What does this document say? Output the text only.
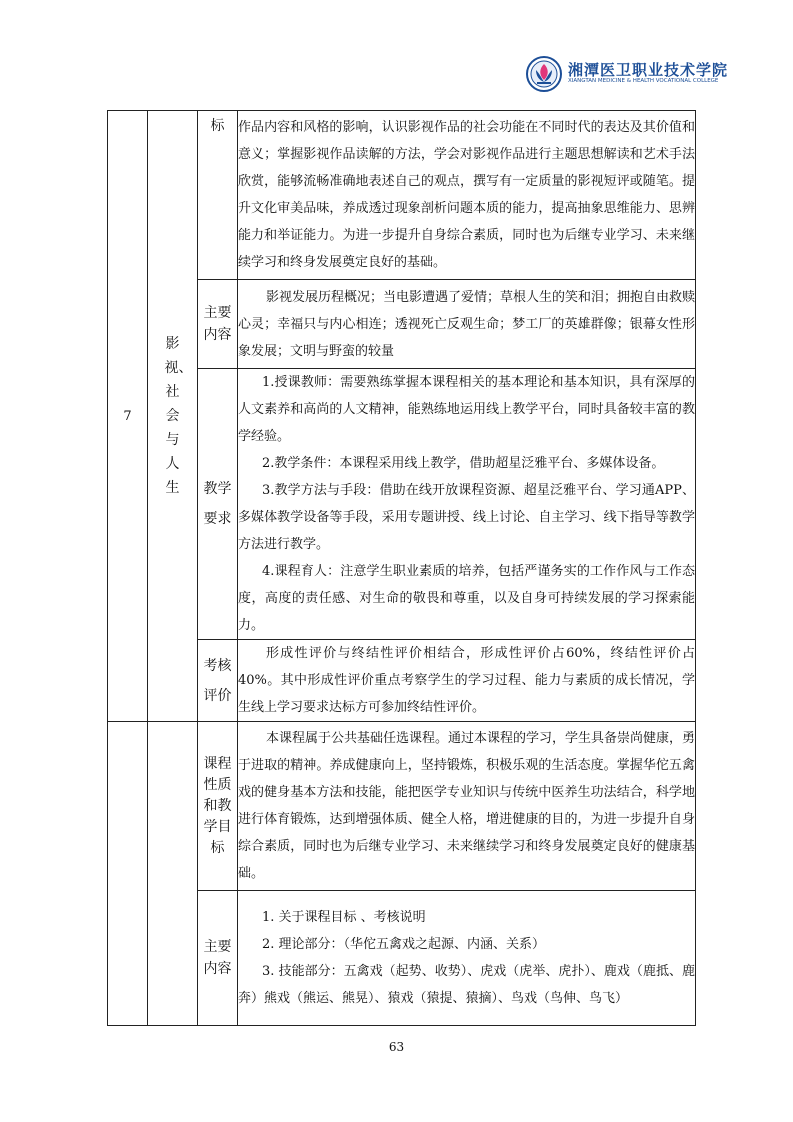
湘潭医卫职业技术学院
XIANGTAN MEDICINE & HEALTH VOCATIONAL COLLEGE
7	影视、社会与人生	标	作品内容和风格的影响，认识影视作品的社会功能在不同时代的表达及其价值和意义；掌握影视作品读解的方法，学会对影视作品进行主题思想解读和艺术手法欣赏，能够流畅准确地表述自己的观点，撰写有一定质量的影视短评或随笔。提升文化审美品味，养成透过现象剖析问题本质的能力，提高抽象思维能力、思辨能力和举证能力。为进一步提升自身综合素质，同时也为后继专业学习、未来继续学习和终身发展奠定良好的基础。

		主要内容	影视发展历程概况；当电影遭遇了爱情；草根人生的笑和泪；拥抱自由救赎心灵；幸福只与内心相连；透视死亡反观生命；梦工厂的英雄群像；银幕女性形象发展；文明与野蛮的较量

		教学要求	1.授课教师：需要熟练掌握本课程相关的基本理论和基本知识，具有深厚的人文素养和高尚的人文精神，能熟练地运用线上教学平台，同时具备较丰富的教学经验。

2.教学条件：本课程采用线上教学，借助超星泛雅平台、多媒体设备。

3.教学方法与手段：借助在线开放课程资源、超星泛雅平台、学习通APP、多媒体教学设备等手段，采用专题讲授、线上讨论、自主学习、线下指导等教学方法进行教学。

4.课程育人：注意学生职业素质的培养，包括严谨务实的工作作风与工作态度，高度的责任感、对生命的敬畏和尊重，以及自身可持续发展的学习探索能力。

		考核评价	形成性评价与终结性评价相结合，形成性评价占60%，终结性评价占40%。其中形成性评价重点考察学生的学习过程、能力与素质的成长情况，学生线上学习要求达标方可参加终结性评价。

		课程性质和教学目标	本课程属于公共基础任选课程。通过本课程的学习，学生具备崇尚健康，勇于进取的精神。养成健康向上，坚持锻炼，积极乐观的生活态度。掌握华佗五禽戏的健身基本方法和技能，能把医学专业知识与传统中医养生功法结合，科学地进行体育锻炼，达到增强体质、健全人格，增进健康的目的，为进一步提升自身综合素质，同时也为后继专业学习、未来继续学习和终身发展奠定良好的健康基础。

		主要内容	1. 关于课程目标 、考核说明

2. 理论部分：（华佗五禽戏之起源、内涵、关系）

3. 技能部分：五禽戏（起势、收势）、虎戏（虎举、虎扑）、鹿戏（鹿抵、鹿奔）熊戏（熊运、熊晃）、猿戏（猿提、猿摘）、鸟戏（鸟伸、鸟飞）

63
